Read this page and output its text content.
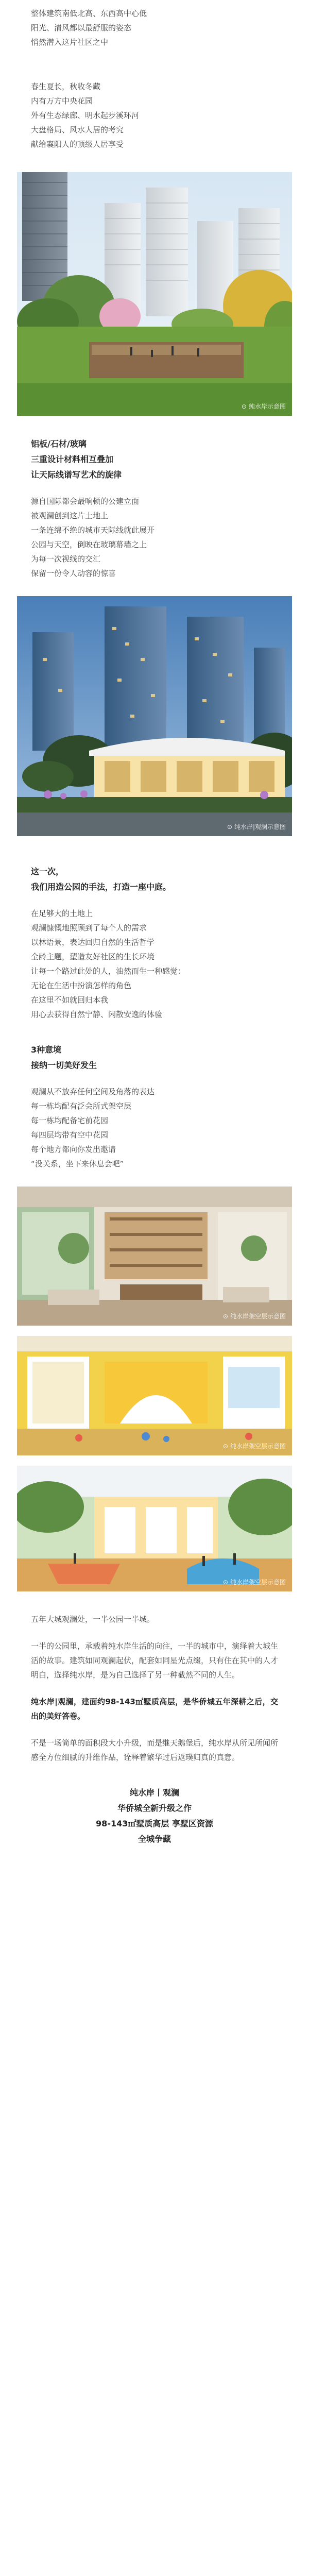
整体建筑南低北高、东西高中心低

阳光、清风都以最舒服的姿态

悄然潜入这片社区之中

春生夏长，秋收冬藏

内有万方中央花园

外有生态绿廊、明水起步溪环河

大盘格局、风水人居的考究

献给襄阳人的顶级人居享受

⊙ 纯水岸示意图

铝板/石材/玻璃

三重设计材料相互叠加

让天际线谱写艺术的旋律

源自国际都会最响顿的公建立面

被观澜创到这片土地上

一条连绵不绝的城市天际线就此展开

公园与天空，倒映在玻璃幕墙之上

为每一次视线的交汇

保留一份令人动容的惊喜

⊙ 纯水岸|观澜示意图

这一次，

我们用造公园的手法，打造一座中庭。

在足够大的土地上

观澜慷慨地照顾到了每个人的需求

以林语景，表达回归自然的生活哲学

全龄主题，塑造友好社区的生长环境

让每一个路过此处的人，油然而生一种感觉：

无论在生活中扮演怎样的角色

在这里不如就回归本我

用心去获得自然宁静、闲散安逸的体验

3种意境

接纳一切美好发生

观澜从不放弃任何空间及角落的表达

每一栋均配有泛会所式架空层

每一栋均配备宅前花园

每四层均带有空中花园

每个地方都向你发出邀请

“没关系，坐下来休息会吧”

⊙ 纯水岸架空层示意图
⊙ 纯水岸架空层示意图
⊙ 纯水岸架空层示意图

五年大城观澜处，一半公园一半城。

一半的公园里，承载着纯水岸生活的向往，一半的城市中，演绎着大城生活的故事。建筑如同观澜起伏，配套如同星光点缀，只有住在其中的人才明白，选择纯水岸，是为自己选择了另一种截然不同的人生。

纯水岸|观澜，建面约98-143㎡墅质高层，是华侨城五年深耕之后，交出的美好答卷。

不是一场简单的面积段大小升级，而是继天鹅堡后，纯水岸从所见所闻所感全方位细腻的升维作品，诠释着繁华过后返璞归真的真意。

纯水岸丨观澜

华侨城全新升级之作

98-143㎡墅质高层 享墅区资源

全城争藏
